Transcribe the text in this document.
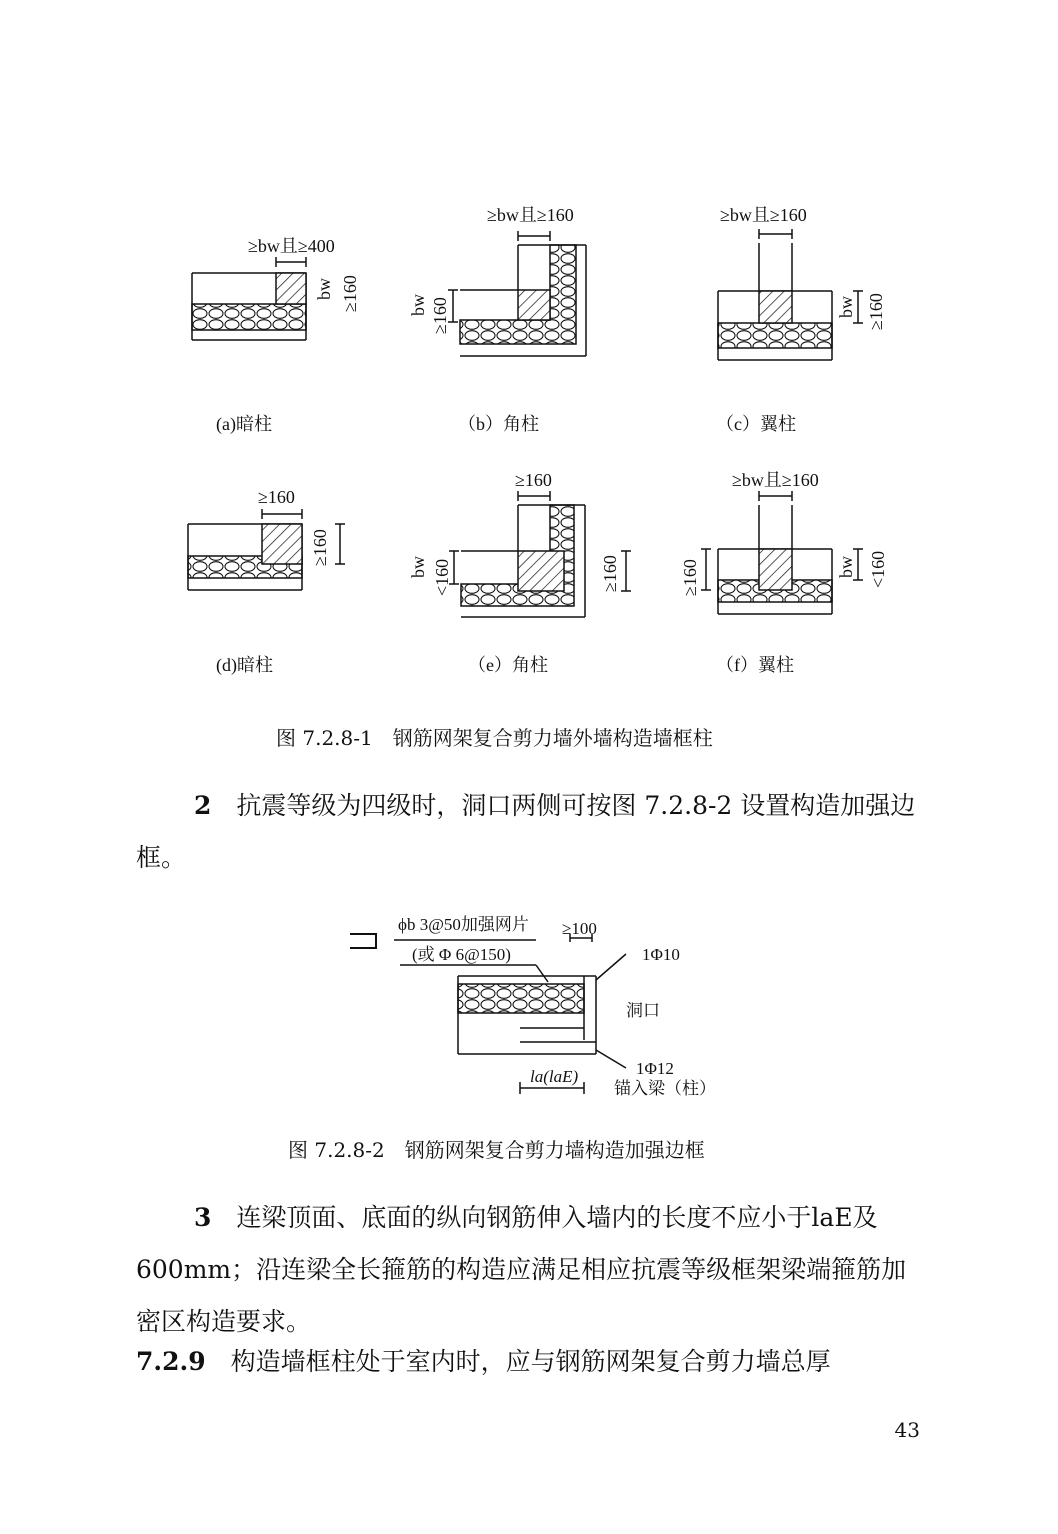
≥bw且≥400
bw ≥160
≥bw且≥160
bw ≥160
≥bw且≥160
bw ≥160
≥160
≥160
≥160
bw <160	≥160
≥bw且≥160
≥160	bw <160
(a)暗柱	（b）角柱	（c）翼柱
(d)暗柱	（e）角柱	（f）翼柱
图 7.2.8-1　钢筋网架复合剪力墙外墙构造墙框柱
2　 抗震等级为四级时，洞口两侧可按图 7.2.8-2 设置构造加强边框。
ϕb 3@50加强网片
(或 Φ 6@150)
≥100
1Φ10
洞口
1Φ12
锚入梁（柱）
la(laE)
图 7.2.8-2　钢筋网架复合剪力墙构造加强边框
3　 连梁顶面、底面的纵向钢筋伸入墙内的长度不应小于laE及600mm；沿连梁全长箍筋的构造应满足相应抗震等级框架梁端箍筋加密区构造要求。
7.2.9　 构造墙框柱处于室内时，应与钢筋网架复合剪力墙总厚
43
